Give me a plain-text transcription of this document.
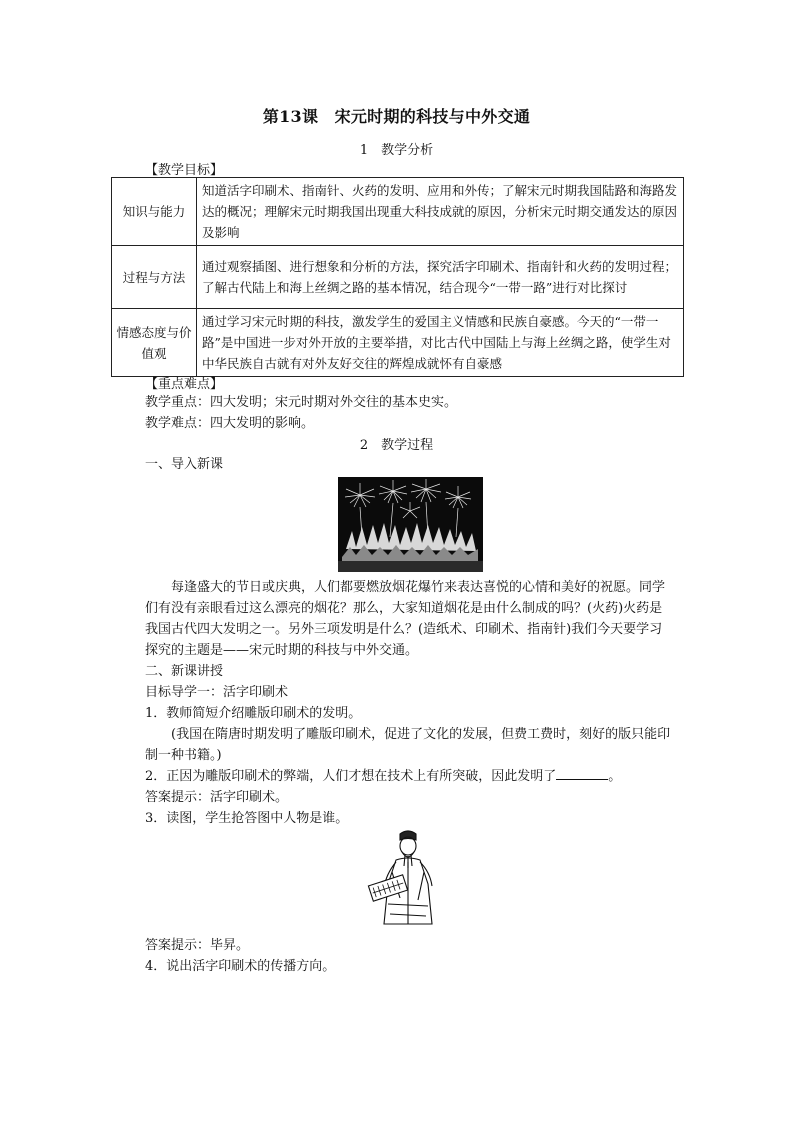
第13课　宋元时期的科技与中外交通
1　教学分析
【教学目标】
知识与能力	知道活字印刷术、指南针、火药的发明、应用和外传；了解宋元时期我国陆路和海路发达的概况；理解宋元时期我国出现重大科技成就的原因，分析宋元时期交通发达的原因及影响
过程与方法	通过观察插图、进行想象和分析的方法，探究活字印刷术、指南针和火药的发明过程；了解古代陆上和海上丝绸之路的基本情况，结合现今“一带一路”进行对比探讨
情感态度与价值观	通过学习宋元时期的科技，激发学生的爱国主义情感和民族自豪感。今天的“一带一路”是中国进一步对外开放的主要举措，对比古代中国陆上与海上丝绸之路，使学生对中华民族自古就有对外友好交往的辉煌成就怀有自豪感
【重点难点】
教学重点：四大发明；宋元时期对外交往的基本史实。
教学难点：四大发明的影响。
2　教学过程
一、导入新课
每逢盛大的节日或庆典，人们都要燃放烟花爆竹来表达喜悦的心情和美好的祝愿。同学们有没有亲眼看过这么漂亮的烟花？那么，大家知道烟花是由什么制成的吗？(火药)火药是我国古代四大发明之一。另外三项发明是什么？(造纸术、印刷术、指南针)我们今天要学习探究的主题是——宋元时期的科技与中外交通。
二、新课讲授
目标导学一：活字印刷术
1．教师简短介绍雕版印刷术的发明。
(我国在隋唐时期发明了雕版印刷术，促进了文化的发展，但费工费时，刻好的版只能印制一种书籍。)
2．正因为雕版印刷术的弊端，人们才想在技术上有所突破，因此发明了	。
答案提示：活字印刷术。
3．读图，学生抢答图中人物是谁。
答案提示：毕昇。
4．说出活字印刷术的传播方向。
